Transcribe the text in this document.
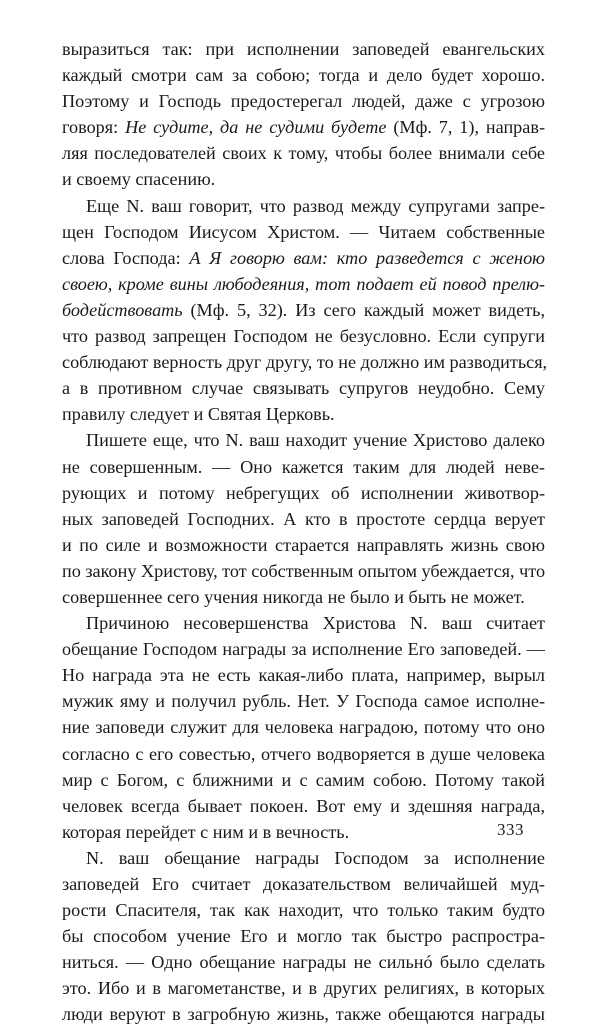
выразиться так: при исполнении заповедей евангельских
каждый смотри сам за собою; тогда и дело будет хорошо.
Поэтому и Господь предостерегал людей, даже с угрозою
говоря: Не судите, да не судими будете (Мф. 7, 1), направ-
ляя последователей своих к тому, чтобы более внимали себе
и своему спасению.
Еще N. ваш говорит, что развод между супругами запре-
щен Господом Иисусом Христом. — Читаем собственные
слова Господа: А Я говорю вам: кто разведется с женою
своею, кроме вины любодеяния, тот подает ей повод прелю-
бодействовать (Мф. 5, 32). Из сего каждый может видеть,
что развод запрещен Господом не безусловно. Если супруги
соблюдают верность друг другу, то не должно им разводиться,
а в противном случае связывать супругов неудобно. Сему
правилу следует и Святая Церковь.
Пишете еще, что N. ваш находит учение Христово далеко
не совершенным. — Оно кажется таким для людей неве-
рующих и потому небрегущих об исполнении животвор-
ных заповедей Господних. А кто в простоте сердца верует
и по силе и возможности старается направлять жизнь свою
по закону Христову, тот собственным опытом убеждается, что
совершеннее сего учения никогда не было и быть не может.
Причиною несовершенства Христова N. ваш считает
обещание Господом награды за исполнение Его заповедей. —
Но награда эта не есть какая-либо плата, например, вырыл
мужик яму и получил рубль. Нет. У Господа самое исполне-
ние заповеди служит для человека наградою, потому что оно
согласно с его совестью, отчего водворяется в душе человека
мир с Богом, с ближними и с самим собою. Потому такой
человек всегда бывает покоен. Вот ему и здешняя награда,
которая перейдет с ним и в вечность.
N. ваш обещание награды Господом за исполнение
заповедей Его считает доказательством величайшей муд-
рости Спасителя, так как находит, что только таким будто
бы способом учение Его и могло так быстро распростра-
ниться. — Одно обещание награды не сильнó было сделать
это. Ибо и в магометанстве, и в других религиях, в которых
люди веруют в загробную жизнь, также обещаются награды
333
